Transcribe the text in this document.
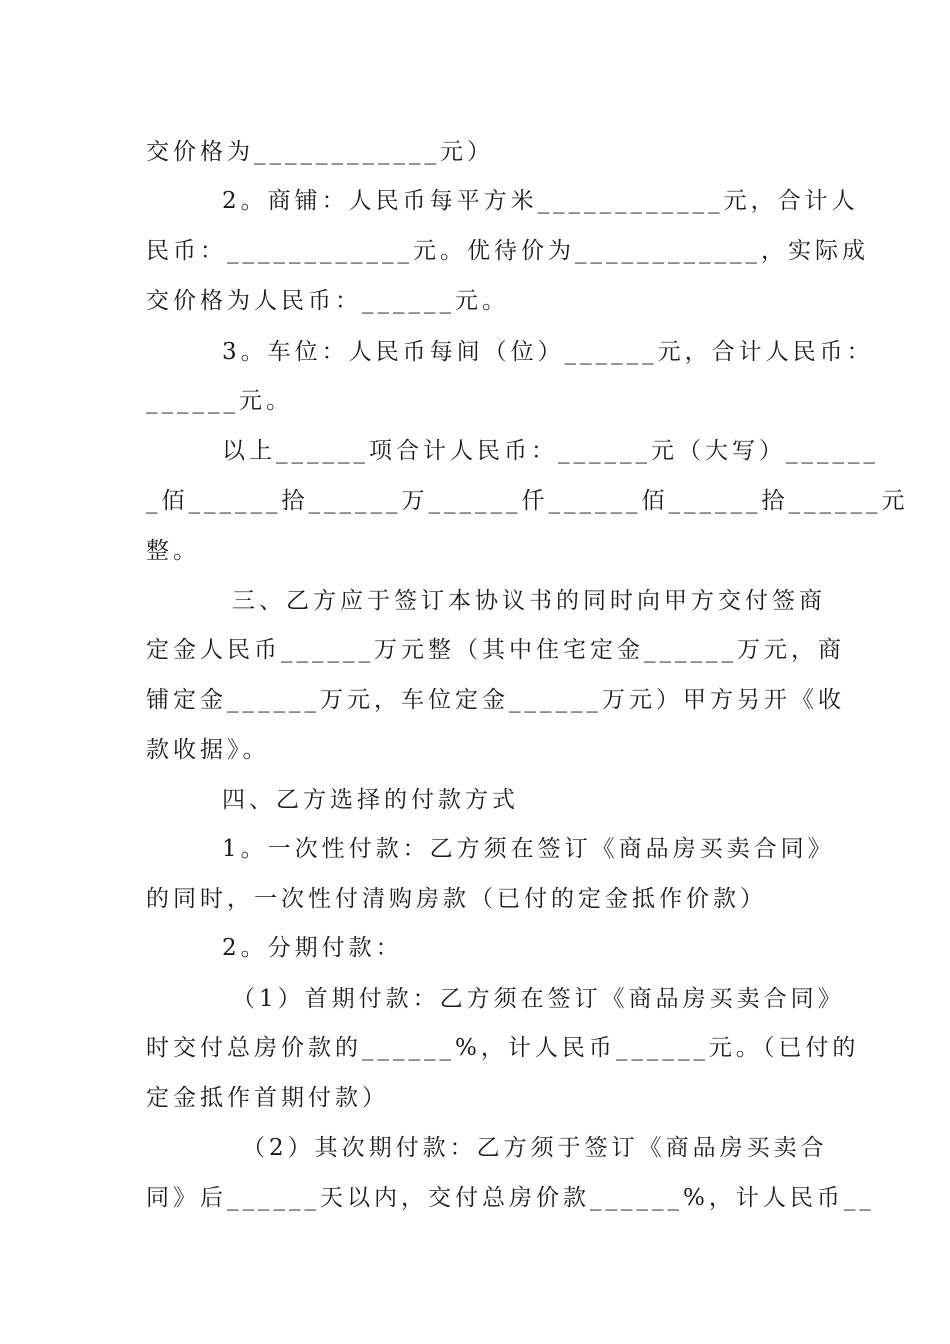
交价格为____________元）
2。商铺：人民币每平方米____________元，合计人
民币：____________元。优待价为____________，实际成
交价格为人民币：______元。
3。车位：人民币每间（位）______元，合计人民币：
______元。
以上______项合计人民币：______元（大写）______
_佰______拾______万______仟______佰______拾______元
整。
三、乙方应于签订本协议书的同时向甲方交付签商
定金人民币______万元整（其中住宅定金______万元，商
铺定金______万元，车位定金______万元）甲方另开《收
款收据》。
四、乙方选择的付款方式
1。一次性付款：乙方须在签订《商品房买卖合同》
的同时，一次性付清购房款（已付的定金抵作价款）
2。分期付款：
（1）首期付款：乙方须在签订《商品房买卖合同》
时交付总房价款的______%，计人民币______元。（已付的
定金抵作首期付款）
（2）其次期付款：乙方须于签订《商品房买卖合
同》后______天以内，交付总房价款______%，计人民币__
